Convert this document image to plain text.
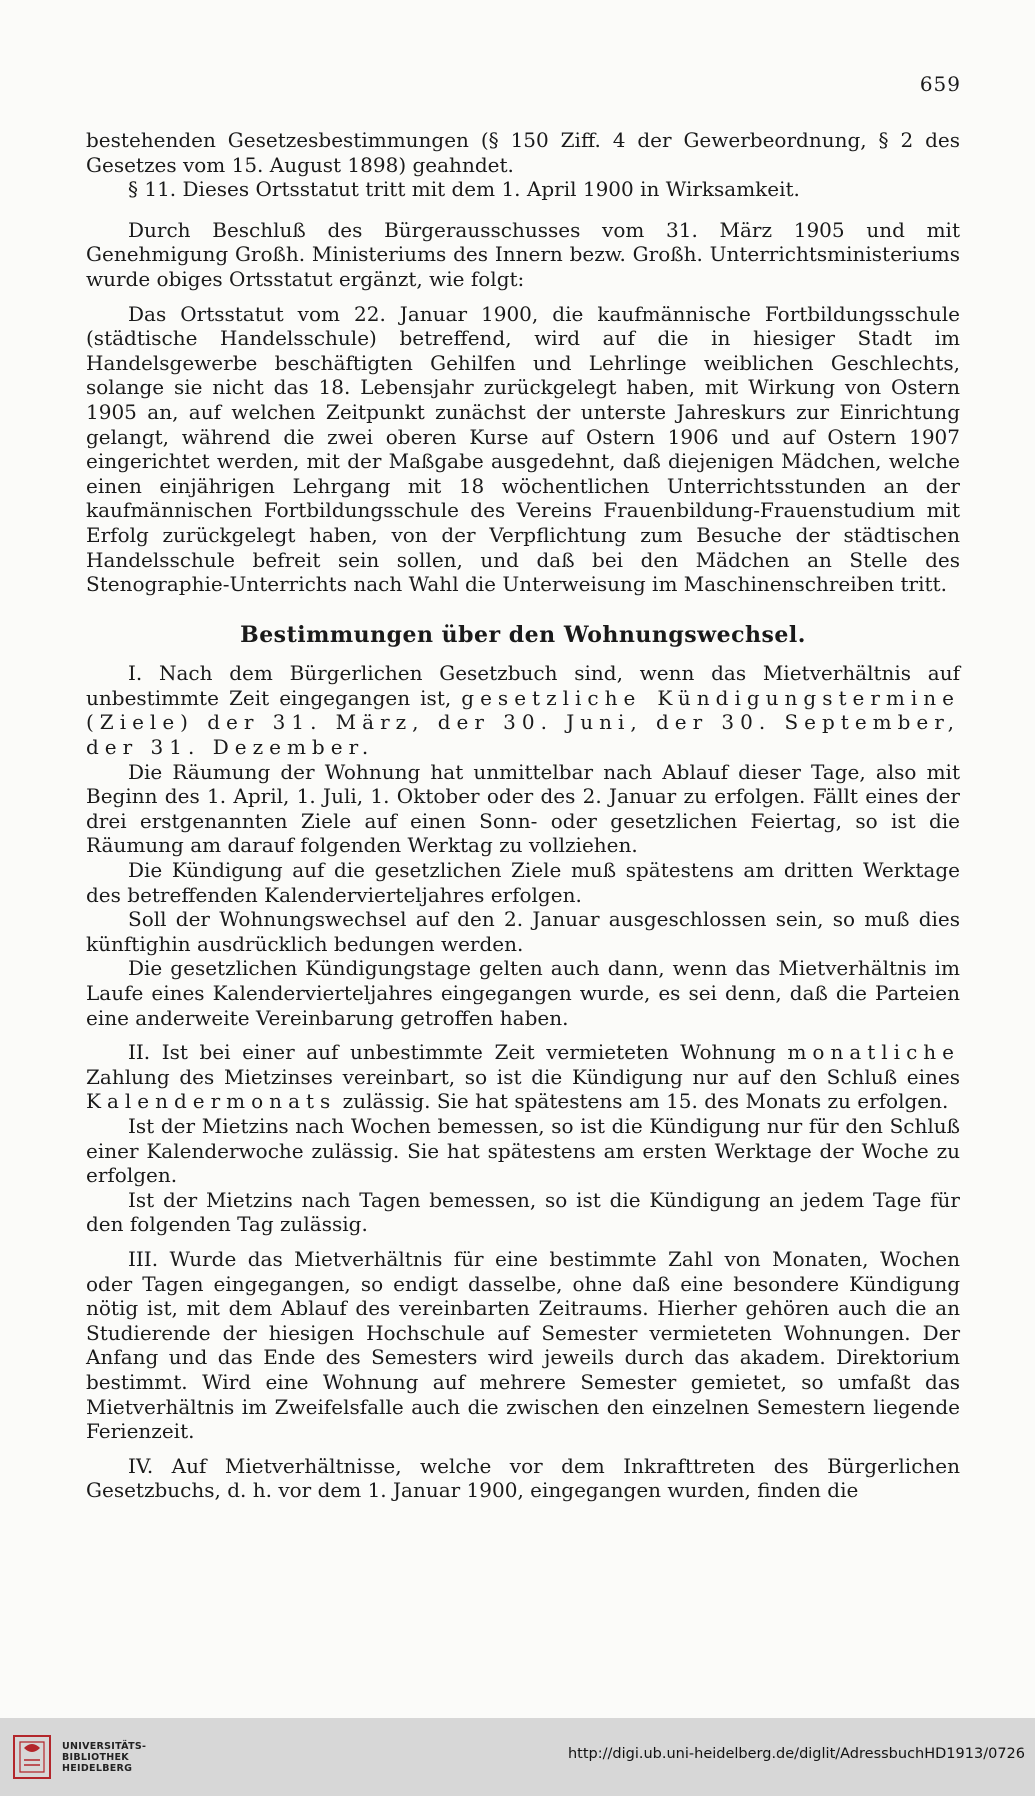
659

bestehenden Gesetzesbestimmungen (§ 150 Ziff. 4 der Gewerbeordnung, § 2 des Gesetzes vom 15. August 1898) geahndet.

§ 11. Dieses Ortsstatut tritt mit dem 1. April 1900 in Wirksamkeit.

Durch Beschluß des Bürgerausschusses vom 31. März 1905 und mit Genehmigung Großh. Ministeriums des Innern bezw. Großh. Unterrichtsministeriums wurde obiges Ortsstatut ergänzt, wie folgt:

Das Ortsstatut vom 22. Januar 1900, die kaufmännische Fortbildungsschule (städtische Handelsschule) betreffend, wird auf die in hiesiger Stadt im Handelsgewerbe beschäftigten Gehilfen und Lehrlinge weiblichen Geschlechts, solange sie nicht das 18. Lebensjahr zurückgelegt haben, mit Wirkung von Ostern 1905 an, auf welchen Zeitpunkt zunächst der unterste Jahreskurs zur Einrichtung gelangt, während die zwei oberen Kurse auf Ostern 1906 und auf Ostern 1907 eingerichtet werden, mit der Maßgabe ausgedehnt, daß diejenigen Mädchen, welche einen einjährigen Lehrgang mit 18 wöchentlichen Unterrichtsstunden an der kaufmännischen Fortbildungsschule des Vereins Frauenbildung-Frauenstudium mit Erfolg zurückgelegt haben, von der Verpflichtung zum Besuche der städtischen Handelsschule befreit sein sollen, und daß bei den Mädchen an Stelle des Stenographie-Unterrichts nach Wahl die Unterweisung im Maschinenschreiben tritt.

Bestimmungen über den Wohnungswechsel.

I. Nach dem Bürgerlichen Gesetzbuch sind, wenn das Mietverhältnis auf unbestimmte Zeit eingegangen ist, gesetzliche Kündigungstermine (Ziele) der 31. März, der 30. Juni, der 30. September, der 31. Dezember.

Die Räumung der Wohnung hat unmittelbar nach Ablauf dieser Tage, also mit Beginn des 1. April, 1. Juli, 1. Oktober oder des 2. Januar zu erfolgen. Fällt eines der drei erstgenannten Ziele auf einen Sonn- oder gesetzlichen Feiertag, so ist die Räumung am darauf folgenden Werktag zu vollziehen.

Die Kündigung auf die gesetzlichen Ziele muß spätestens am dritten Werktage des betreffenden Kalendervierteljahres erfolgen.

Soll der Wohnungswechsel auf den 2. Januar ausgeschlossen sein, so muß dies künftighin ausdrücklich bedungen werden.

Die gesetzlichen Kündigungstage gelten auch dann, wenn das Mietverhältnis im Laufe eines Kalendervierteljahres eingegangen wurde, es sei denn, daß die Parteien eine anderweite Vereinbarung getroffen haben.

II. Ist bei einer auf unbestimmte Zeit vermieteten Wohnung monatliche Zahlung des Mietzinses vereinbart, so ist die Kündigung nur auf den Schluß eines Kalendermonats zulässig. Sie hat spätestens am 15. des Monats zu erfolgen.

Ist der Mietzins nach Wochen bemessen, so ist die Kündigung nur für den Schluß einer Kalenderwoche zulässig. Sie hat spätestens am ersten Werktage der Woche zu erfolgen.

Ist der Mietzins nach Tagen bemessen, so ist die Kündigung an jedem Tage für den folgenden Tag zulässig.

III. Wurde das Mietverhältnis für eine bestimmte Zahl von Monaten, Wochen oder Tagen eingegangen, so endigt dasselbe, ohne daß eine besondere Kündigung nötig ist, mit dem Ablauf des vereinbarten Zeitraums. Hierher gehören auch die an Studierende der hiesigen Hochschule auf Semester vermieteten Wohnungen. Der Anfang und das Ende des Semesters wird jeweils durch das akadem. Direktorium bestimmt. Wird eine Wohnung auf mehrere Semester gemietet, so umfaßt das Mietverhältnis im Zweifelsfalle auch die zwischen den einzelnen Semestern liegende Ferienzeit.

IV. Auf Mietverhältnisse, welche vor dem Inkrafttreten des Bürgerlichen Gesetzbuchs, d. h. vor dem 1. Januar 1900, eingegangen wurden, finden die

UNIVERSITÄTS-
BIBLIOTHEK
HEIDELBERG
http://digi.ub.uni-heidelberg.de/diglit/AdressbuchHD1913/0726
